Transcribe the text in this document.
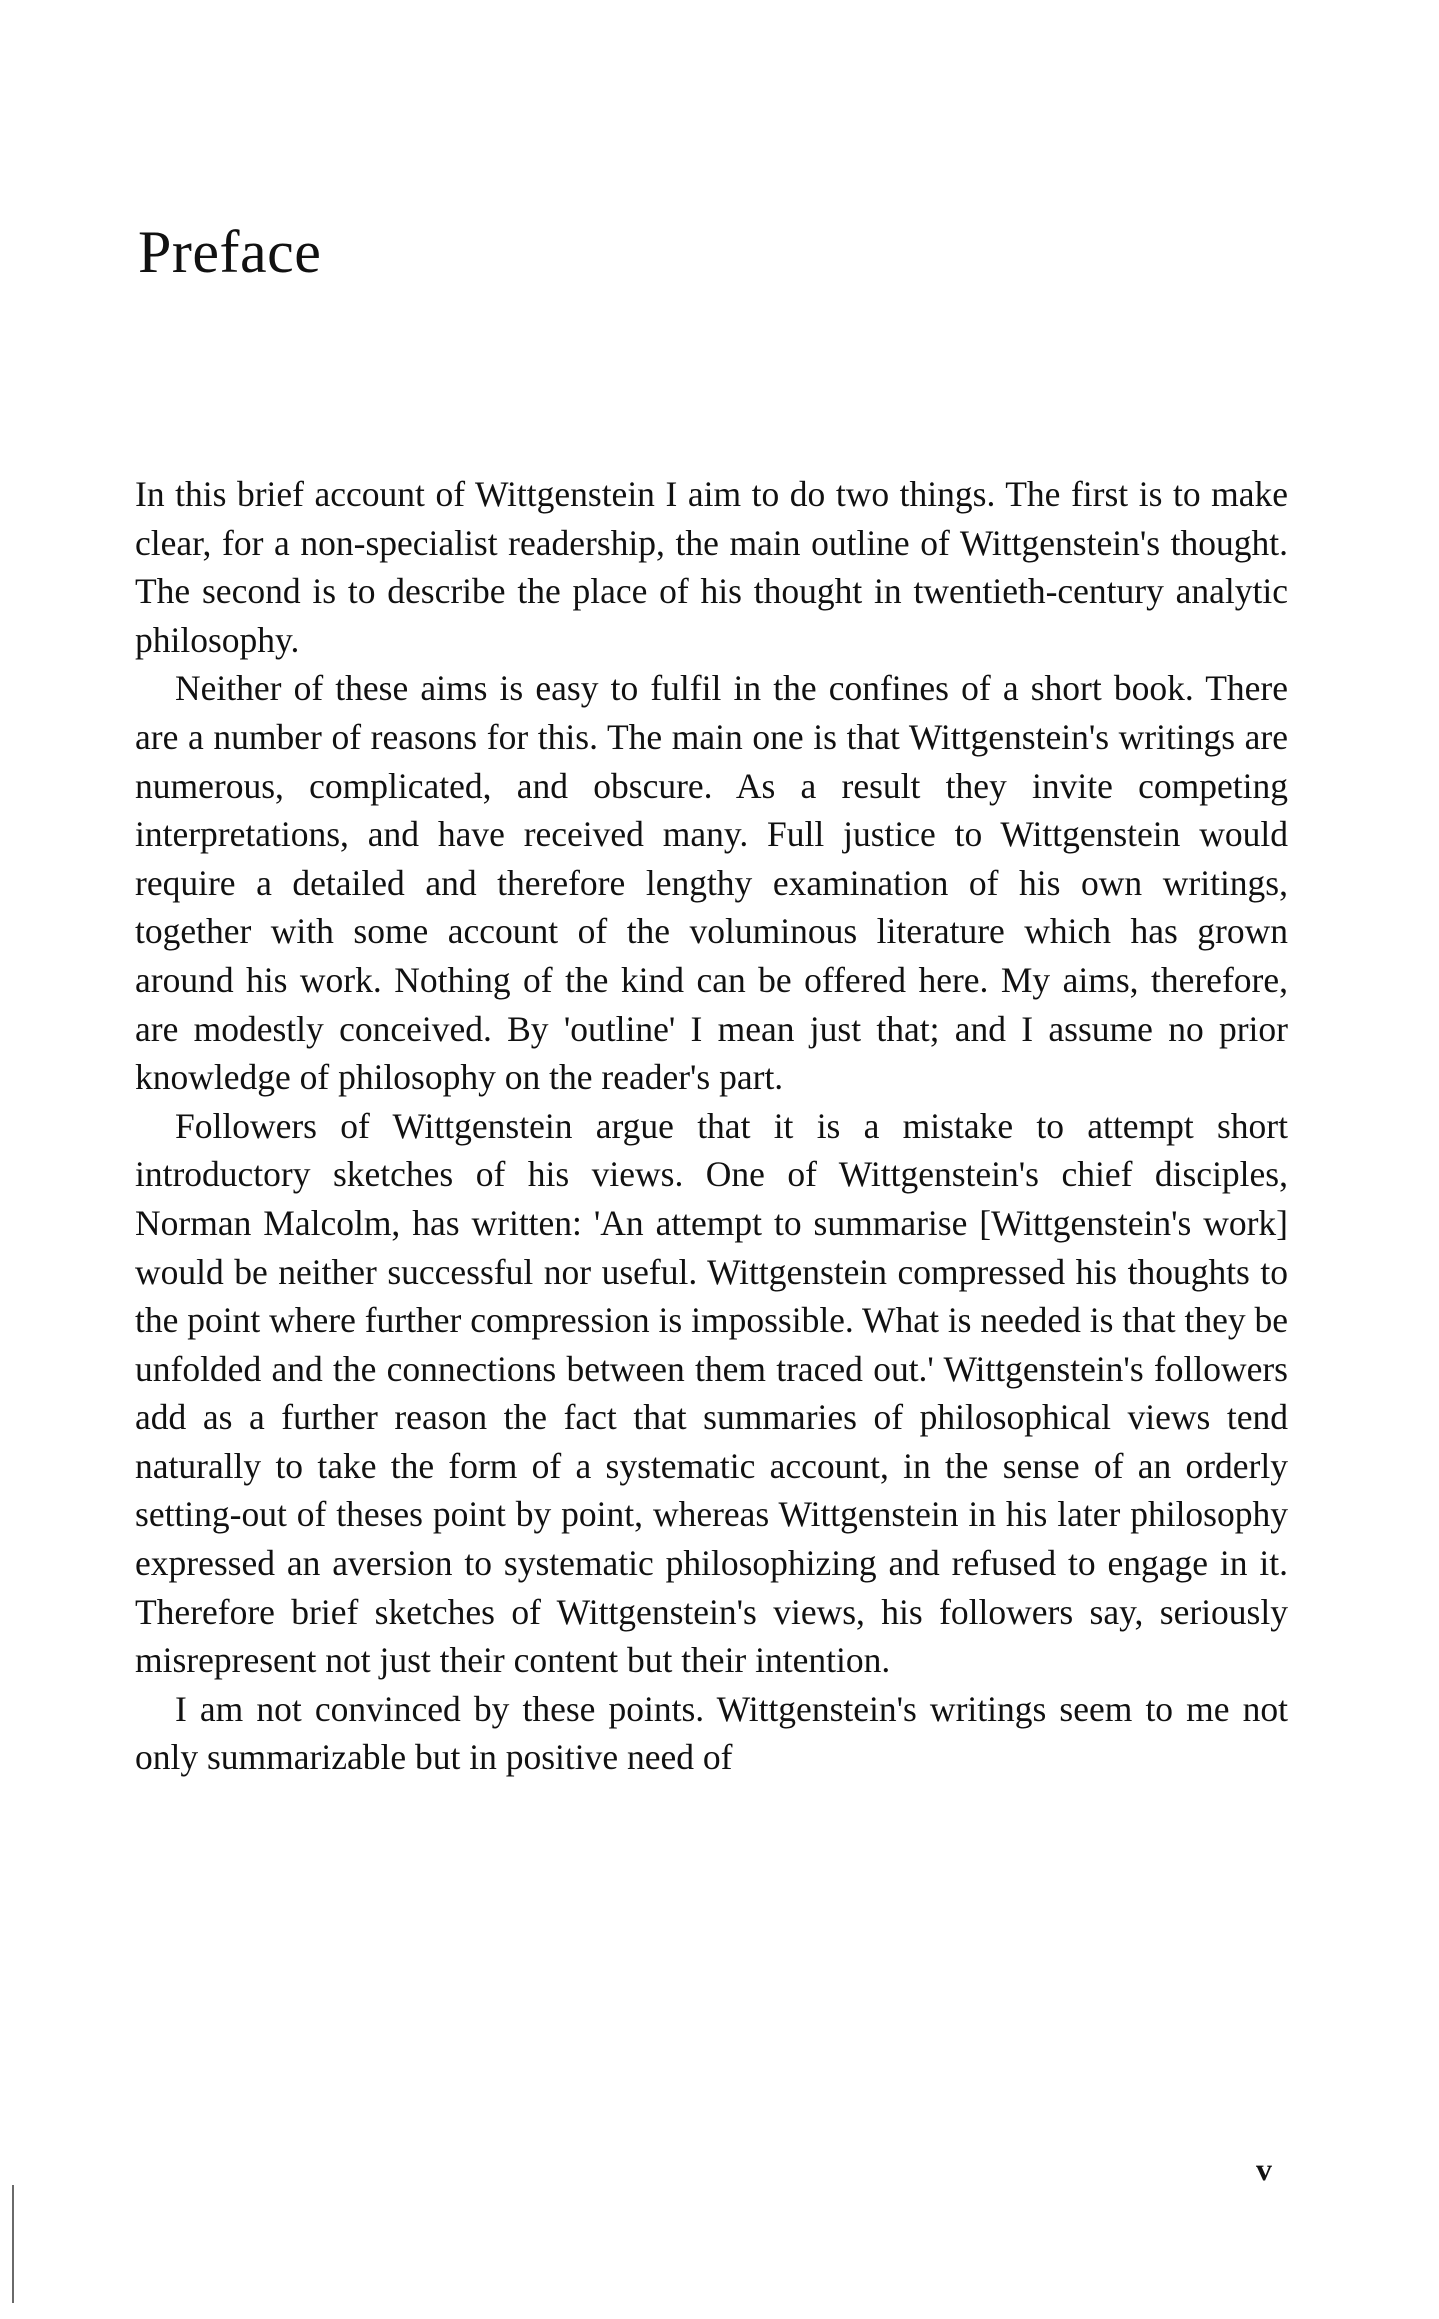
Preface

In this brief account of Wittgenstein I aim to do two things. The first is to make clear, for a non-specialist readership, the main outline of Wittgenstein's thought. The second is to describe the place of his thought in twentieth-century analytic philosophy.

Neither of these aims is easy to fulfil in the confines of a short book. There are a number of reasons for this. The main one is that Wittgenstein's writings are numerous, complicated, and obscure. As a result they invite competing interpretations, and have received many. Full justice to Wittgenstein would require a detailed and therefore lengthy examination of his own writings, together with some account of the voluminous literature which has grown around his work. Nothing of the kind can be offered here. My aims, therefore, are modestly conceived. By 'outline' I mean just that; and I assume no prior knowledge of philosophy on the reader's part.

Followers of Wittgenstein argue that it is a mistake to attempt short introductory sketches of his views. One of Wittgenstein's chief disciples, Norman Malcolm, has written: 'An attempt to summarise [Wittgenstein's work] would be neither successful nor useful. Wittgenstein compressed his thoughts to the point where further compression is impossible. What is needed is that they be unfolded and the connections between them traced out.' Wittgenstein's followers add as a further reason the fact that summaries of philosophical views tend naturally to take the form of a systematic account, in the sense of an orderly setting-out of theses point by point, whereas Wittgenstein in his later philosophy expressed an aversion to systematic philosophizing and refused to engage in it. Therefore brief sketches of Wittgenstein's views, his followers say, seriously misrepresent not just their content but their intention.

I am not convinced by these points. Wittgenstein's writings seem to me not only summarizable but in positive need of

v
